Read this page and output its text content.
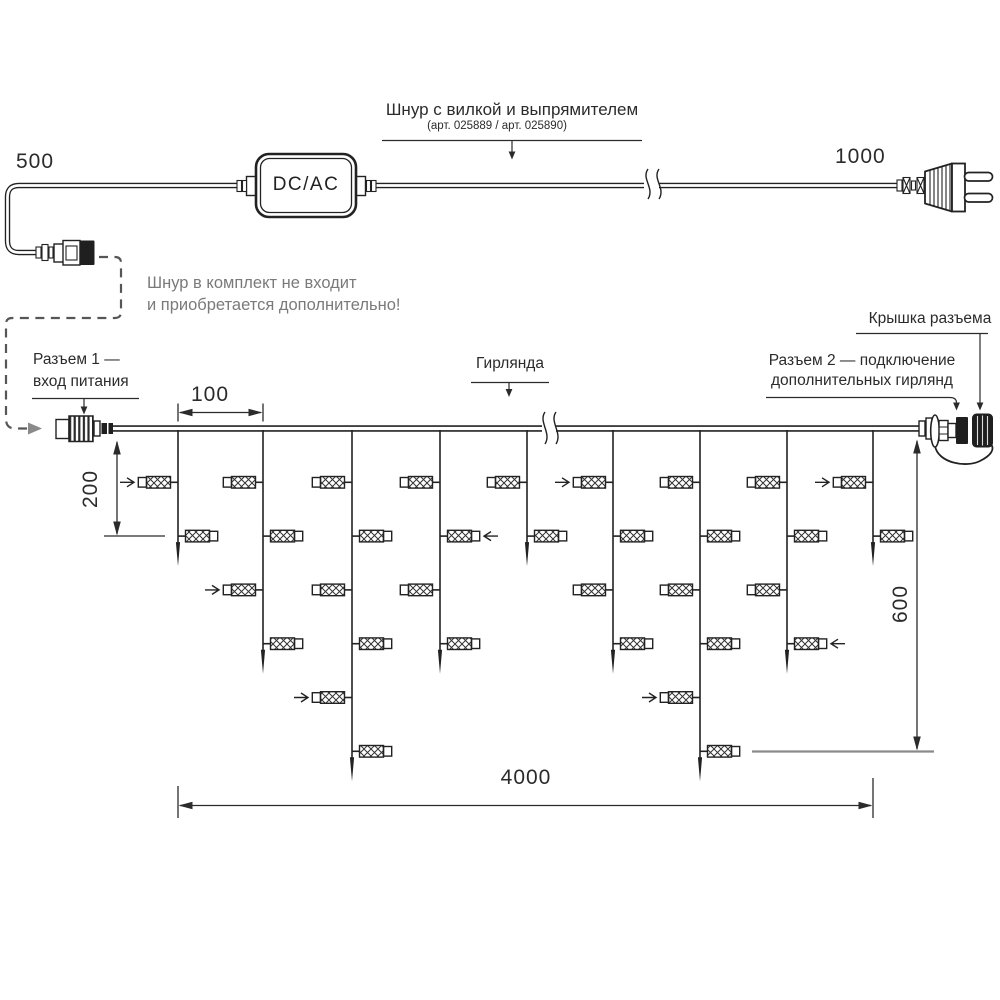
Шнур с вилкой и выпрямителем
(арт. 025889 / арт. 025890)
500	1000
DC/AC
Шнур в комплект не входит
и приобретается дополнительно!
Разъем 1 —
вход питания
100
Гирлянда	Разъем 2 — подключение
дополнительных гирлянд
Крышка разъема
200
600
4000
